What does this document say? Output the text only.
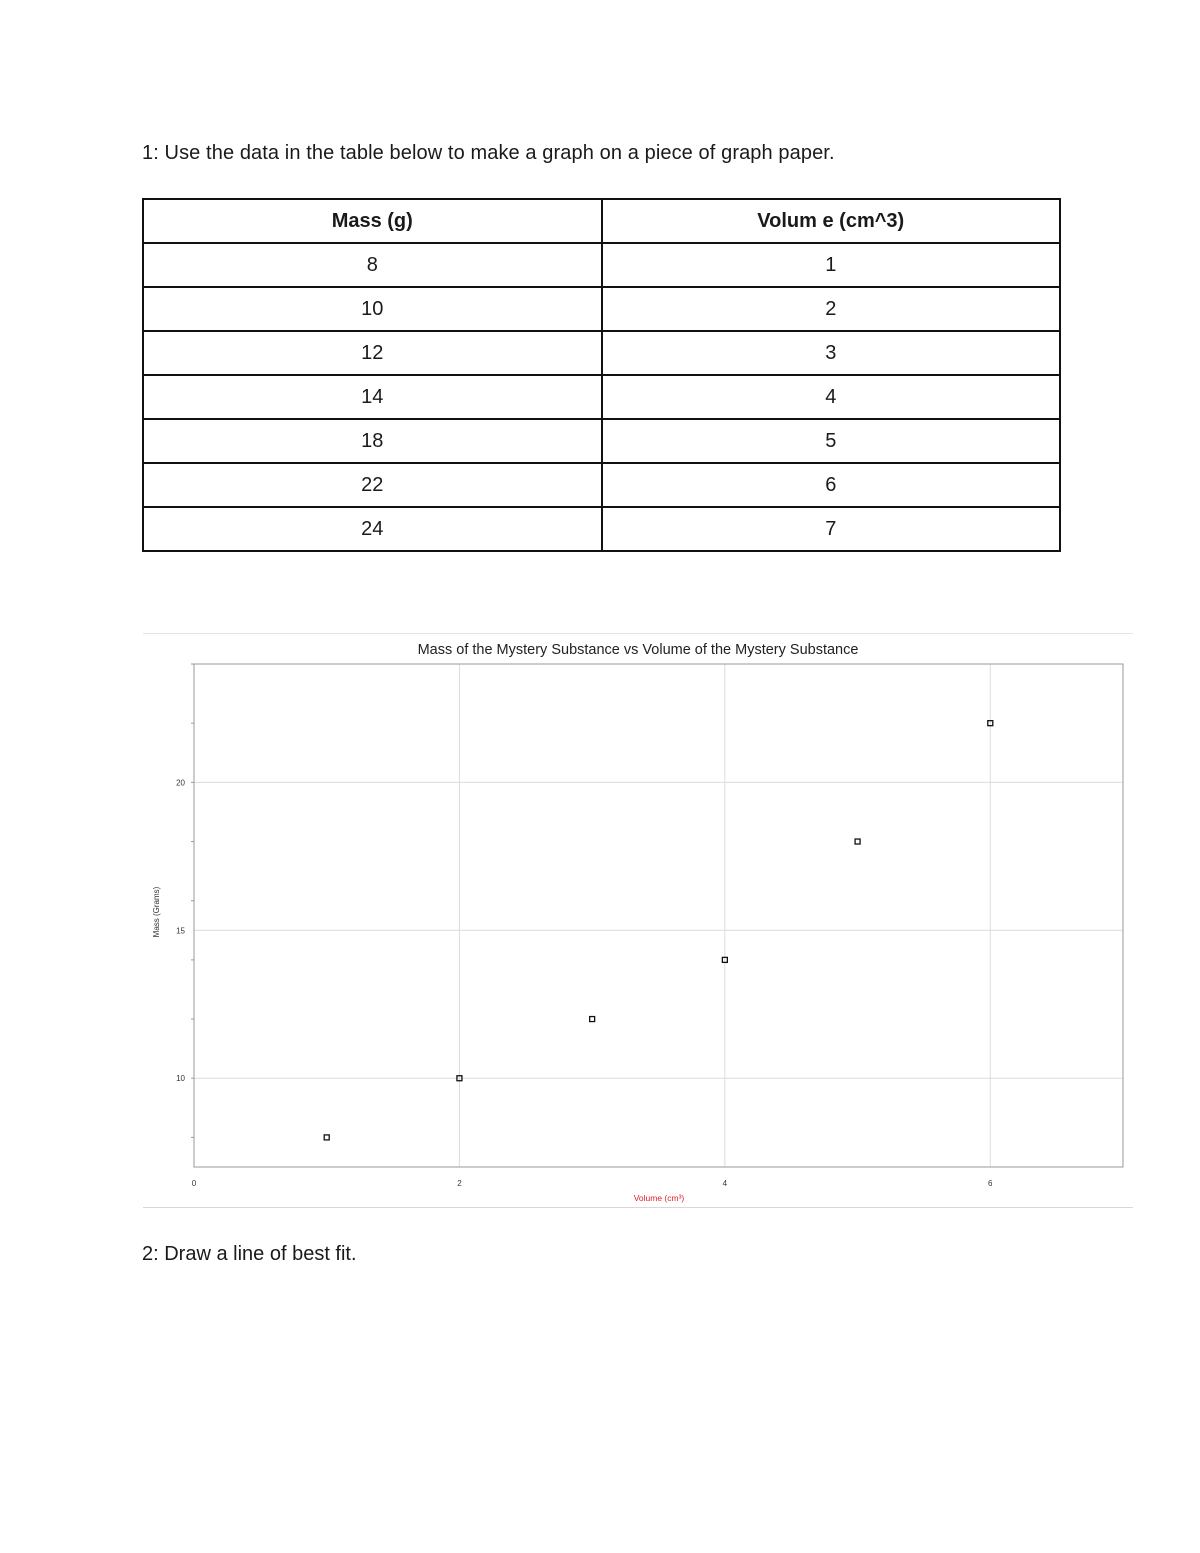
1: Use the data in the table below to make a graph on a piece of graph paper.

Mass (g)	Volum e (cm^3)
8	1
10	2
12	3
14	4
18	5
22	6
24	7
Mass of the Mystery Substance vs Volume of the Mystery Substance
0	2	4	6
10
15
20
Volume (cm³)
Mass (Grams)

2: Draw a line of best fit.
